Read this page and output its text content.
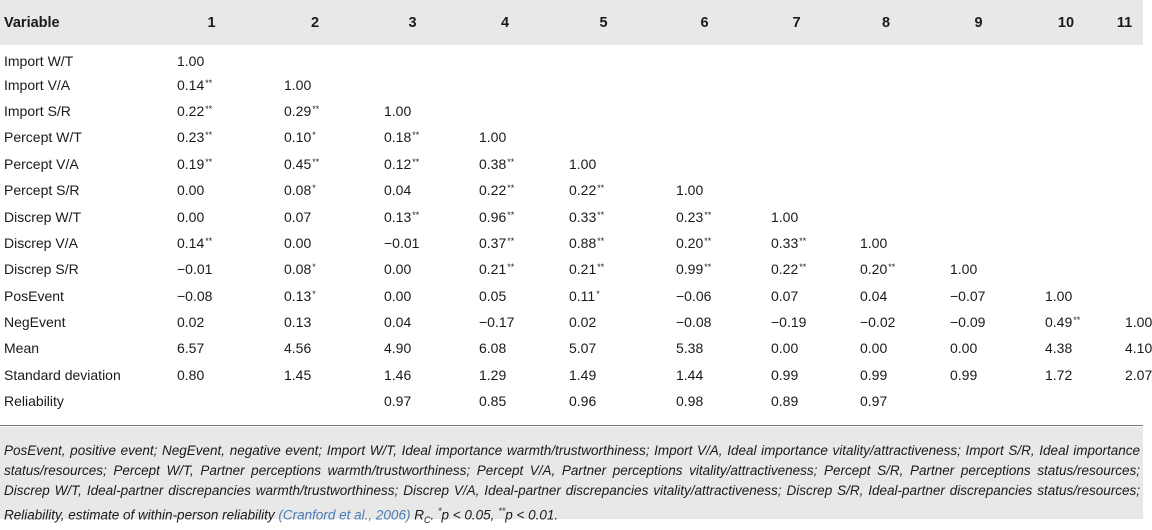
Variable	1	2	3	4	5	6	7	8	9	10	11
Import W/T	1.00										
Import V/A	0.14**	1.00									
Import S/R	0.22**	0.29**	1.00								
Percept W/T	0.23**	0.10*	0.18**	1.00							
Percept V/A	0.19**	0.45**	0.12**	0.38**	1.00						
Percept S/R	0.00	0.08*	0.04	0.22**	0.22**	1.00					
Discrep W/T	0.00	0.07	0.13**	0.96**	0.33**	0.23**	1.00				
Discrep V/A	0.14**	0.00	−0.01	0.37**	0.88**	0.20**	0.33**	1.00			
Discrep S/R	−0.01	0.08*	0.00	0.21**	0.21**	0.99**	0.22**	0.20**	1.00		
PosEvent	−0.08	0.13*	0.00	0.05	0.11*	−0.06	0.07	0.04	−0.07	1.00	
NegEvent	0.02	0.13	0.04	−0.17	0.02	−0.08	−0.19	−0.02	−0.09	0.49**	1.00
Mean	6.57	4.56	4.90	6.08	5.07	5.38	0.00	0.00	0.00	4.38	4.10
Standard deviation	0.80	1.45	1.46	1.29	1.49	1.44	0.99	0.99	0.99	1.72	2.07
Reliability			0.97	0.85	0.96	0.98	0.89	0.97			
PosEvent, positive event; NegEvent, negative event; Import W/T, Ideal importance warmth/trustworthiness; Import V/A, Ideal importance vitality/attractiveness; Import S/R, Ideal importance status/resources; Percept W/T, Partner perceptions warmth/trustworthiness; Percept V/A, Partner perceptions vitality/attractiveness; Percept S/R, Partner perceptions status/resources; Discrep W/T, Ideal-partner discrepancies warmth/trustworthiness; Discrep V/A, Ideal-partner discrepancies vitality/attractiveness; Discrep S/R, Ideal-partner discrepancies status/resources; Reliability, estimate of within-person reliability (Cranford et al., 2006) $R_C$. *p < 0.05, **p < 0.01.
